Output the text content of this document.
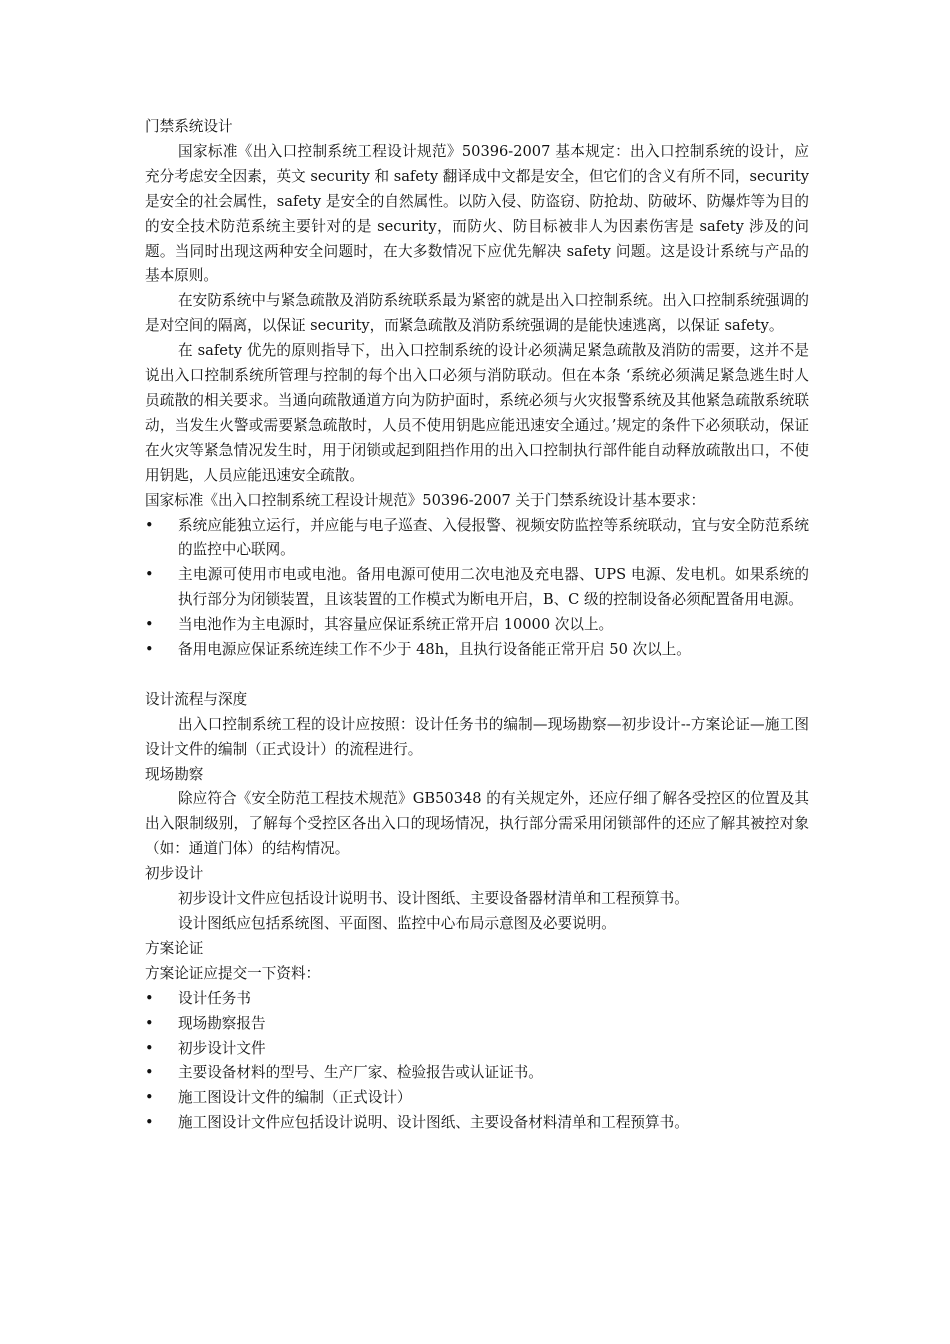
门禁系统设计

国家标准《出入口控制系统工程设计规范》50396-2007 基本规定：出入口控制系统的设计，应充分考虑安全因素，英文 security 和 safety 翻译成中文都是安全，但它们的含义有所不同，security 是安全的社会属性，safety 是安全的自然属性。以防入侵、防盗窃、防抢劫、防破坏、防爆炸等为目的的安全技术防范系统主要针对的是 security，而防火、防目标被非人为因素伤害是 safety 涉及的问题。当同时出现这两种安全问题时，在大多数情况下应优先解决 safety 问题。这是设计系统与产品的基本原则。

在安防系统中与紧急疏散及消防系统联系最为紧密的就是出入口控制系统。出入口控制系统强调的是对空间的隔离，以保证 security，而紧急疏散及消防系统强调的是能快速逃离，以保证 safety。

在 safety 优先的原则指导下，出入口控制系统的设计必须满足紧急疏散及消防的需要，这并不是说出入口控制系统所管理与控制的每个出入口必须与消防联动。但在本条 ‘系统必须满足紧急逃生时人员疏散的相关要求。当通向疏散通道方向为防护面时，系统必须与火灾报警系统及其他紧急疏散系统联动，当发生火警或需要紧急疏散时，人员不使用钥匙应能迅速安全通过。’规定的条件下必须联动，保证在火灾等紧急情况发生时，用于闭锁或起到阻挡作用的出入口控制执行部件能自动释放疏散出口，不使用钥匙，人员应能迅速安全疏散。

国家标准《出入口控制系统工程设计规范》50396-2007 关于门禁系统设计基本要求：

• 系统应能独立运行，并应能与电子巡查、入侵报警、视频安防监控等系统联动，宜与安全防范系统的监控中心联网。
• 主电源可使用市电或电池。备用电源可使用二次电池及充电器、UPS 电源、发电机。如果系统的执行部分为闭锁装置，且该装置的工作模式为断电开启，B、C 级的控制设备必须配置备用电源。
• 当电池作为主电源时，其容量应保证系统正常开启 10000 次以上。
• 备用电源应保证系统连续工作不少于 48h，且执行设备能正常开启 50 次以上。

设计流程与深度

出入口控制系统工程的设计应按照：设计任务书的编制—现场勘察—初步设计--方案论证—施工图设计文件的编制（正式设计）的流程进行。

现场勘察

除应符合《安全防范工程技术规范》GB50348 的有关规定外，还应仔细了解各受控区的位置及其出入限制级别，了解每个受控区各出入口的现场情况，执行部分需采用闭锁部件的还应了解其被控对象（如：通道门体）的结构情况。

初步设计

初步设计文件应包括设计说明书、设计图纸、主要设备器材清单和工程预算书。

设计图纸应包括系统图、平面图、监控中心布局示意图及必要说明。

方案论证

方案论证应提交一下资料：

• 设计任务书
• 现场勘察报告
• 初步设计文件
• 主要设备材料的型号、生产厂家、检验报告或认证证书。
• 施工图设计文件的编制（正式设计）
• 施工图设计文件应包括设计说明、设计图纸、主要设备材料清单和工程预算书。
